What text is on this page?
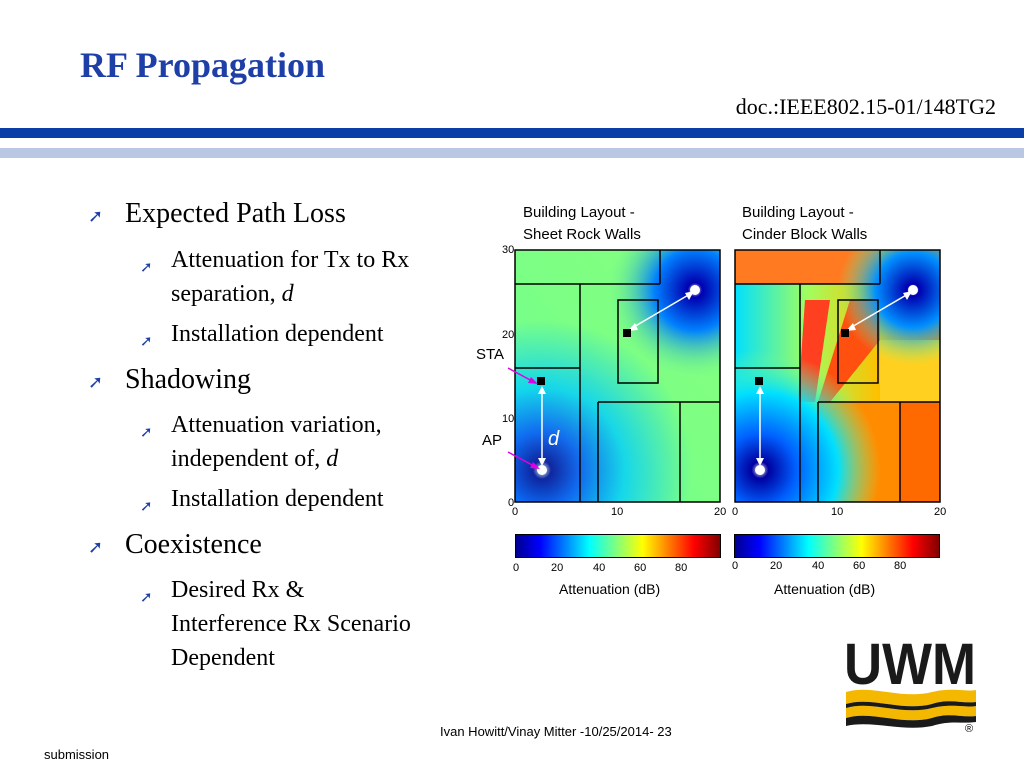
RF Propagation
doc.:IEEE802.15-01/148TG2
➚ Expected Path Loss
➚ Attenuation for Tx to Rx
separation, d
➚ Installation dependent
➚ Shadowing
➚ Attenuation variation,
independent of, d
➚ Installation dependent
➚ Coexistence
➚ Desired Rx &
Interference Rx Scenario
Dependent
Building Layout -
Sheet Rock Walls
Building Layout -
Cinder Block Walls
30
20
10
0
STA
AP d
0	10	20 0	10	20
0	20	40	60	80	0	20	40	60	80
Attenuation (dB)	Attenuation (dB)
UWM
®
Ivan Howitt/Vinay Mitter -10/25/2014- 23
submission
